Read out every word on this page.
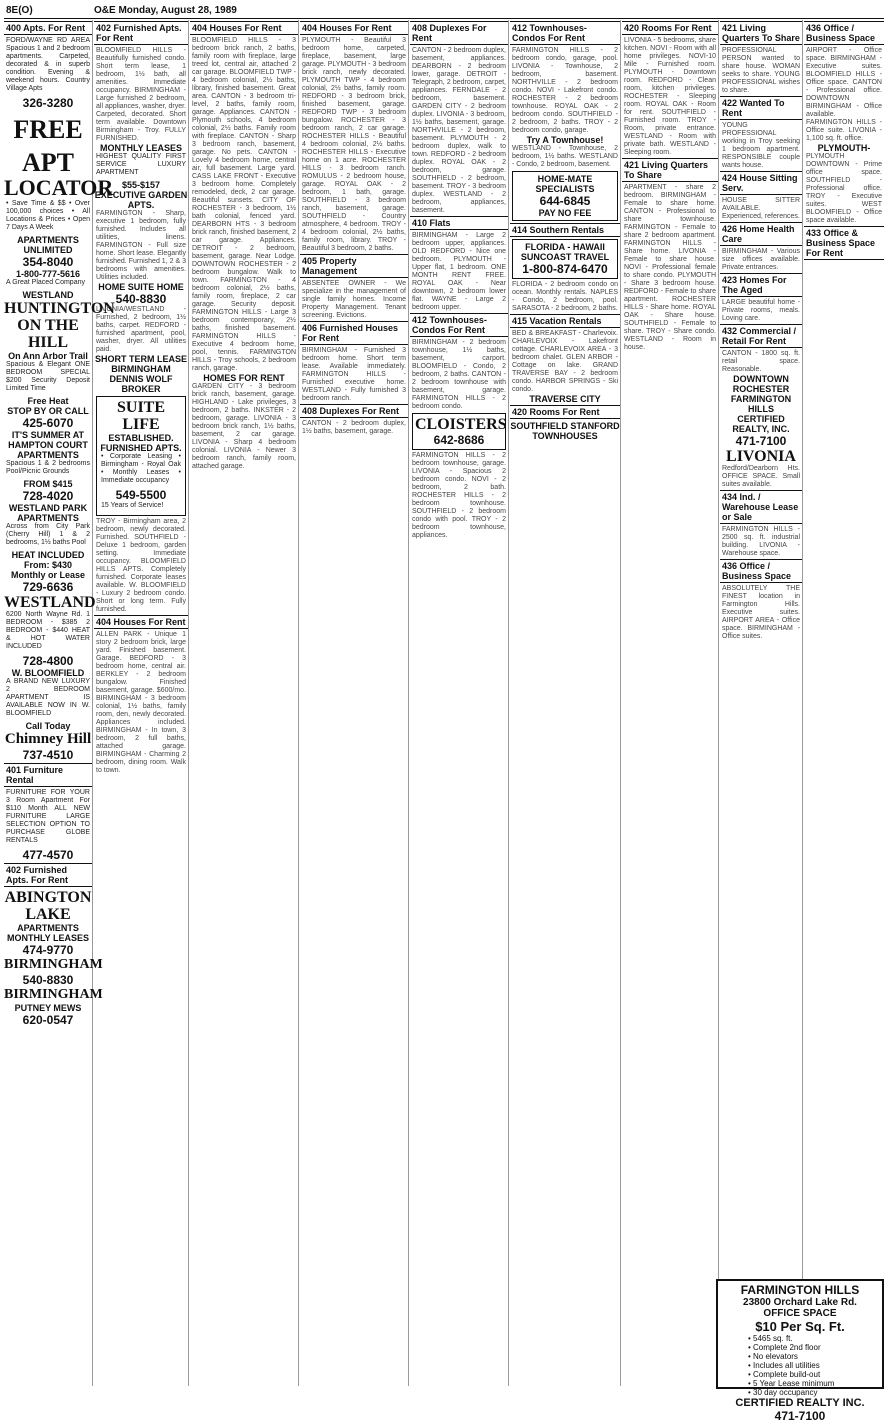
8E(O)	O&E Monday, August 28, 1989
400 Apts. For Rent
FORD/WAYNE RD AREA Spacious 1 and 2 bedroom apartments. Carpeted, decorated & in superb condition. Evening & weekend hours. Country Village Apts
326-3280
FREE
APT
LOCATOR
• Save Time & $$ • Over 100,000 choices • All Locations & Prices • Open 7 Days A Week
APARTMENTS UNLIMITED
354-8040
1-800-777-5616
A Great Placed Company
WESTLAND
HUNTINGTON ON THE HILL
On Ann Arbor Trail
Spacious & Elegant ONE BEDROOM SPECIAL $200 Security Deposit Limited Time
Free Heat
STOP BY OR CALL
425-6070
IT'S SUMMER AT HAMPTON COURT APARTMENTS
Spacious 1 & 2 bedrooms Pool/Picnic Grounds
FROM $415
728-4020
WESTLAND PARK APARTMENTS
Across from City Park (Cherry Hill) 1 & 2 bedrooms, 1½ baths Pool
HEAT INCLUDED From: $430
Monthly or Lease
729-6636
WESTLAND
6200 North Wayne Rd. 1 BEDROOM - $385 2 BEDROOM - $440 HEAT & HOT WATER INCLUDED
728-4800
W. BLOOMFIELD
A BRAND NEW LUXURY 2 BEDROOM APARTMENT IS AVAILABLE NOW IN W. BLOOMFIELD
Call Today
Chimney Hill
737-4510
401 Furniture Rental
FURNITURE FOR YOUR 3 Room Apartment For $110 Month ALL NEW FURNITURE LARGE SELECTION OPTION TO PURCHASE GLOBE RENTALS
477-4570
402 Furnished Apts. For Rent
ABINGTON LAKE
APARTMENTS MONTHLY LEASES
474-9770
BIRMINGHAM
540-8830
BIRMINGHAM
PUTNEY MEWS
620-0547
402 Furnished Apts. For Rent
BLOOMFIELD HILLS - Beautifully furnished condo. Short term lease, 1 bedroom, 1½ bath, all amenities. Immediate occupancy. BIRMINGHAM - Large furnished 2 bedroom, all appliances, washer, dryer. Carpeted, decorated. Short term available. Downtown Birmingham - Troy. FULLY FURNISHED.
MONTHLY LEASES
HIGHEST QUALITY FIRST SERVICE LUXURY APARTMENT
$55-$157
EXECUTIVE GARDEN APTS.
FARMINGTON - Sharp, executive 1 bedroom, fully furnished. Includes all utilities, linens. FARMINGTON - Full size home. Short lease. Elegantly furnished. Furnished 1, 2 & 3 bedrooms with amenities. Utilities included.
HOME SUITE HOME
540-8830
LIVONIA/WESTLAND - Furnished, 2 bedroom, 1½ baths, carpet. REDFORD - furnished apartment, pool, washer, dryer. All utilities paid.
SHORT TERM LEASE BIRMINGHAM
DENNIS WOLF BROKER
SUITE LIFE
ESTABLISHED.
FURNISHED APTS.
• Corporate Leasing • Birmingham - Royal Oak • Monthly Leases • Immediate occupancy
549-5500
15 Years of Service!
TROY - Birmingham area, 2 bedroom, newly decorated. Furnished. SOUTHFIELD - Deluxe 1 bedroom, garden setting. Immediate occupancy. BLOOMFIELD HILLS APTS. Completely furnished. Corporate leases available. W. BLOOMFIELD - Luxury 2 bedroom condo. Short or long term. Fully furnished.
404 Houses For Rent
ALLEN PARK - Unique 1 story 2 bedroom brick, large yard. Finished basement. Garage. BEDFORD - 3 bedroom home, central air. BERKLEY - 2 bedroom bungalow. Finished basement, garage. $600/mo. BIRMINGHAM - 3 bedroom colonial, 1½ baths, family room, den, newly decorated. Appliances included. BIRMINGHAM - In town, 3 bedroom, 2 full baths, attached garage. BIRMINGHAM - Charming 2 bedroom, dining room. Walk to town.
404 Houses For Rent
BLOOMFIELD HILLS - 3 bedroom brick ranch, 2 baths, family room with fireplace, large treed lot, central air, attached 2 car garage. BLOOMFIELD TWP - 4 bedroom colonial, 2½ baths, library, finished basement. Great area. CANTON - 3 bedroom tri-level, 2 baths, family room, garage. Appliances. CANTON - Plymouth schools, 4 bedroom colonial, 2½ baths. Family room with fireplace. CANTON - Sharp 3 bedroom ranch, basement, garage. No pets. CANTON - Lovely 4 bedroom home, central air, full basement. Large yard. CASS LAKE FRONT - Executive 3 bedroom home. Completely remodeled, deck, 2 car garage. Beautiful sunsets. CITY OF ROCHESTER - 3 bedroom, 1½ bath colonial, fenced yard. DEARBORN HTS - 3 bedroom brick ranch, finished basement, 2 car garage. Appliances. DETROIT - 2 bedroom, basement, garage. Near Lodge. DOWNTOWN ROCHESTER - 2 bedroom bungalow. Walk to town. FARMINGTON - 4 bedroom colonial, 2½ baths, family room, fireplace, 2 car garage. Security deposit. FARMINGTON HILLS - Large 3 bedroom contemporary, 2½ baths, finished basement. FARMINGTON HILLS - Executive 4 bedroom home, pool, tennis. FARMINGTON HILLS - Troy schools, 2 bedroom ranch, garage.
HOMES FOR RENT
GARDEN CITY - 3 bedroom brick ranch, basement, garage. HIGHLAND - Lake privileges, 3 bedroom, 2 baths. INKSTER - 2 bedroom, garage. LIVONIA - 3 bedroom brick ranch, 1½ baths, basement, 2 car garage. LIVONIA - Sharp 4 bedroom colonial. LIVONIA - Newer 3 bedroom ranch, family room, attached garage.
404 Houses For Rent
PLYMOUTH - Beautiful 3 bedroom home, carpeted, fireplace, basement, large garage. PLYMOUTH - 3 bedroom brick ranch, newly decorated. PLYMOUTH TWP - 4 bedroom colonial, 2½ baths, family room. REDFORD - 3 bedroom brick, finished basement, garage. REDFORD TWP - 3 bedroom bungalow. ROCHESTER - 3 bedroom ranch, 2 car garage. ROCHESTER HILLS - Beautiful 4 bedroom colonial, 2½ baths. ROCHESTER HILLS - Executive home on 1 acre. ROCHESTER HILLS - 3 bedroom ranch. ROMULUS - 2 bedroom house, garage. ROYAL OAK - 2 bedroom, 1 bath, garage. SOUTHFIELD - 3 bedroom ranch, basement, garage. SOUTHFIELD - Country atmosphere, 4 bedroom. TROY - 4 bedroom colonial, 2½ baths, family room, library. TROY - Beautiful 3 bedroom, 2 baths.
405 Property Management
ABSENTEE OWNER - We specialize in the management of single family homes. Income Property Management. Tenant screening. Evictions.
406 Furnished Houses For Rent
BIRMINGHAM - Furnished 3 bedroom home. Short term lease. Available immediately. FARMINGTON HILLS - Furnished executive home. WESTLAND - Fully furnished 3 bedroom ranch.
408 Duplexes For Rent
CANTON - 2 bedroom duplex, 1½ baths, basement, garage.
408 Duplexes For Rent
CANTON - 2 bedroom duplex, basement, appliances. DEARBORN - 2 bedroom lower, garage. DETROIT - Telegraph, 2 bedroom, carpet, appliances. FERNDALE - 2 bedroom, basement. GARDEN CITY - 2 bedroom duplex. LIVONIA - 3 bedroom, 1½ baths, basement, garage. NORTHVILLE - 2 bedroom, basement. PLYMOUTH - 2 bedroom duplex, walk to town. REDFORD - 2 bedroom duplex. ROYAL OAK - 2 bedroom, garage. SOUTHFIELD - 2 bedroom, basement. TROY - 3 bedroom duplex. WESTLAND - 2 bedroom, appliances, basement.
410 Flats
BIRMINGHAM - Large 2 bedroom upper, appliances. OLD REDFORD - Nice one bedroom. PLYMOUTH - Upper flat, 1 bedroom. ONE MONTH RENT FREE. ROYAL OAK - Near downtown, 2 bedroom lower flat. WAYNE - Large 2 bedroom upper.
412 Townhouses-Condos For Rent
BIRMINGHAM - 2 bedroom townhouse, 1½ baths, basement, carport. BLOOMFIELD - Condo, 2 bedroom, 2 baths. CANTON - 2 bedroom townhouse with basement, garage. FARMINGTON HILLS - 2 bedroom condo.
CLOISTERS
642-8686
FARMINGTON HILLS - 2 bedroom townhouse, garage. LIVONIA - Spacious 2 bedroom condo. NOVI - 2 bedroom, 2 bath. ROCHESTER HILLS - 2 bedroom townhouse. SOUTHFIELD - 2 bedroom condo with pool. TROY - 2 bedroom townhouse, appliances.
412 Townhouses-Condos For Rent
FARMINGTON HILLS - 2 bedroom condo, garage, pool. LIVONIA - Townhouse, 2 bedroom, basement. NORTHVILLE - 2 bedroom condo. NOVI - Lakefront condo. ROCHESTER - 2 bedroom townhouse. ROYAL OAK - 2 bedroom condo. SOUTHFIELD - 2 bedroom, 2 baths. TROY - 2 bedroom condo, garage.
Try A Townhouse!
WESTLAND - Townhouse, 2 bedroom, 1½ baths. WESTLAND - Condo, 2 bedroom, basement.
HOME-MATE SPECIALISTS
644-6845
PAY NO FEE
414 Southern Rentals
FLORIDA - HAWAII
SUNCOAST TRAVEL
1-800-874-6470
FLORIDA - 2 bedroom condo on ocean. Monthly rentals. NAPLES - Condo, 2 bedroom, pool. SARASOTA - 2 bedroom, 2 baths.
415 Vacation Rentals
BED & BREAKFAST - Charlevoix. CHARLEVOIX - Lakefront cottage. CHARLEVOIX AREA - 3 bedroom chalet. GLEN ARBOR - Cottage on lake. GRAND TRAVERSE BAY - 2 bedroom condo. HARBOR SPRINGS - Ski condo.
TRAVERSE CITY
420 Rooms For Rent
SOUTHFIELD STANFORD TOWNHOUSES
420 Rooms For Rent
LIVONIA - 5 bedrooms, share kitchen. NOVI - Room with all home privileges. NOVI-10 Mile - Furnished room. PLYMOUTH - Downtown room. REDFORD - Clean room, kitchen privileges. ROCHESTER - Sleeping room. ROYAL OAK - Room for rent. SOUTHFIELD - Furnished room. TROY - Room, private entrance. WESTLAND - Room with private bath. WESTLAND - Sleeping room.
421 Living Quarters To Share
APARTMENT - share 2 bedroom. BIRMINGHAM - Female to share home. CANTON - Professional to share townhouse. FARMINGTON - Female to share 2 bedroom apartment. FARMINGTON HILLS - Share home. LIVONIA - Female to share house. NOVI - Professional female to share condo. PLYMOUTH - Share 3 bedroom house. REDFORD - Female to share apartment. ROCHESTER HILLS - Share home. ROYAL OAK - Share house. SOUTHFIELD - Female to share. TROY - Share condo. WESTLAND - Room in house.
421 Living Quarters To Share
PROFESSIONAL PERSON wanted to share house. WOMAN seeks to share. YOUNG PROFESSIONAL wishes to share.
422 Wanted To Rent
YOUNG PROFESSIONAL working in Troy seeking 1 bedroom apartment. RESPONSIBLE couple wants house.
424 House Sitting Serv.
HOUSE SITTER AVAILABLE. Experienced, references.
426 Home Health Care
BIRMINGHAM - Various size offices available. Private entrances.
423 Homes For The Aged
LARGE beautiful home - Private rooms, meals. Loving care.
432 Commercial / Retail For Rent
CANTON - 1800 sq. ft. retail space. Reasonable.
DOWNTOWN ROCHESTER
FARMINGTON HILLS
CERTIFIED REALTY, INC.
471-7100
LIVONIA
Redford/Dearborn Hts. OFFICE SPACE. Small suites available.
434 Ind. / Warehouse Lease or Sale
FARMINGTON HILLS - 2500 sq. ft. industrial building. LIVONIA - Warehouse space.
436 Office / Business Space
ABSOLUTELY THE FINEST location in Farmington Hills. Executive suites. AIRPORT AREA - Office space. BIRMINGHAM - Office suites.
436 Office / Business Space
AIRPORT - Office space. BIRMINGHAM - Executive suites. BLOOMFIELD HILLS - Office space. CANTON - Professional office. DOWNTOWN BIRMINGHAM - Office available. FARMINGTON HILLS - Office suite. LIVONIA - 1,100 sq. ft. office.
PLYMOUTH-
PLYMOUTH DOWNTOWN - Prime office space. SOUTHFIELD - Professional office. TROY - Executive suites. WEST BLOOMFIELD - Office space available.
433 Office & Business Space For Rent
FARMINGTON HILLS
23800 Orchard Lake Rd.
OFFICE SPACE
$10 Per Sq. Ft.
• 5465 sq. ft.
• Complete 2nd floor
• No elevators
• Includes all utilities
• Complete build-out
• 5 Year Lease minimum
• 30 day occupancy
CERTIFIED REALTY INC.
471-7100
